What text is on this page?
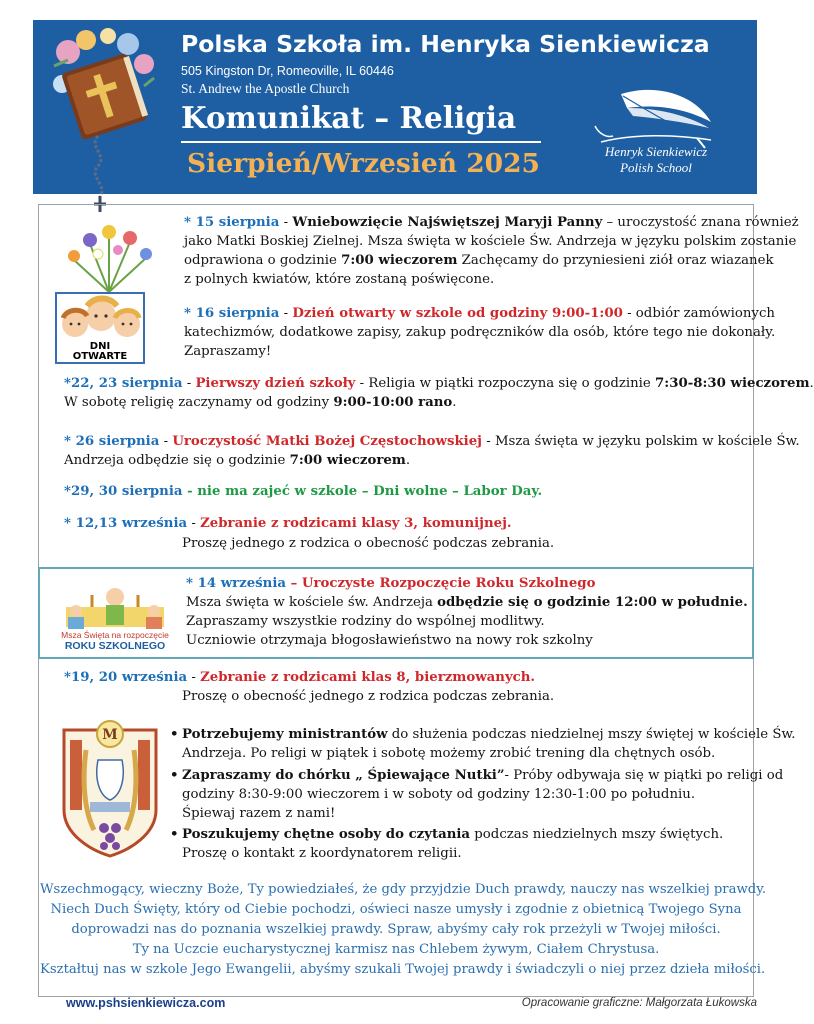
Polska Szkoła im. Henryka Sienkiewicza
505 Kingston Dr, Romeoville, IL 60446
St. Andrew the Apostle Church
Komunikat – Religia
Sierpień/Wrzesień 2025	Henryk Sienkiewicz
Polish School
* 15 sierpnia - Wniebowzięcie Najświętszej Maryji Panny – uroczystość znana również
jako Matki Boskiej Zielnej. Msza święta w kościele Św. Andrzeja w języku polskim zostanie
odprawiona o godzinie 7:00 wieczorem Zachęcamy do przyniesieni ziół oraz wiazanek
z polnych kwiatów, które zostaną poświęcone.
DNI
OTWARTE
* 16 sierpnia - Dzień otwarty w szkole od godziny 9:00-1:00 - odbiór zamówionych
katechizmów, dodatkowe zapisy, zakup podręczników dla osób, które tego nie dokonały.
Zapraszamy!
*22, 23 sierpnia - Pierwszy dzień szkoły - Religia w piątki rozpoczyna się o godzinie 7:30-8:30 wieczorem.
W sobotę religię zaczynamy od godziny 9:00-10:00 rano.
* 26 sierpnia - Uroczystość Matki Bożej Częstochowskiej - Msza święta w języku polskim w kościele Św.
Andrzeja odbędzie się o godzinie 7:00 wieczorem.
*29, 30 sierpnia - nie ma zajeć w szkole – Dni wolne – Labor Day.
* 12,13 września - Zebranie z rodzicami klasy 3, komunijnej.
Proszę jednego z rodzica o obecność podczas zebrania.
Msza Święta na rozpoczęcie
ROKU SZKOLNEGO
* 14 września – Uroczyste Rozpoczęcie Roku Szkolnego
Msza święta w kościele św. Andrzeja odbędzie się o godzinie 12:00 w południe.
Zapraszamy wszystkie rodziny do wspólnej modlitwy.
Uczniowie otrzymaja błogosławieństwo na nowy rok szkolny
*19, 20 września - Zebranie z rodzicami klas 8, bierzmowanych.
Proszę o obecność jednego z rodzica podczas zebrania.
M	• Potrzebujemy ministrantów do służenia podczas niedzielnej mszy świętej w kościele Św.
Andrzeja. Po religi w piątek i sobotę możemy zrobić trening dla chętnych osób.
• Zapraszamy do chórku „ Śpiewające Nutki”- Próby odbywaja się w piątki po religi od
godziny 8:30-9:00 wieczorem i w soboty od godziny 12:30-1:00 po południu.
Śpiewaj razem z nami!
• Poszukujemy chętne osoby do czytania podczas niedzielnych mszy świętych.
Proszę o kontakt z koordynatorem religii.
Wszechmogący, wieczny Boże, Ty powiedziałeś, że gdy przyjdzie Duch prawdy, nauczy nas wszelkiej prawdy.
Niech Duch Święty, który od Ciebie pochodzi, oświeci nasze umysły i zgodnie z obietnicą Twojego Syna
doprowadzi nas do poznania wszelkiej prawdy. Spraw, abyśmy cały rok przeżyli w Twojej miłości.
Ty na Uczcie eucharystycznej karmisz nas Chlebem żywym, Ciałem Chrystusa.
Kształtuj nas w szkole Jego Ewangelii, abyśmy szukali Twojej prawdy i świadczyli o niej przez dzieła miłości.
www.pshsienkiewicza.com	Opracowanie graficzne: Małgorzata Łukowska
